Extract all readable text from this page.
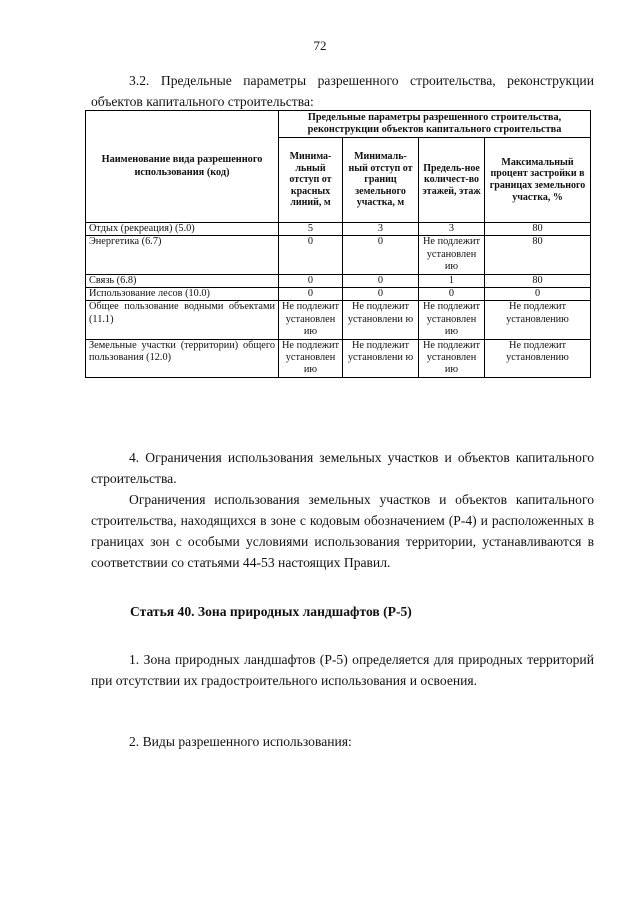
72
3.2. Предельные параметры разрешенного строительства, реконструкции объектов капитального строительства:
Наименование вида разрешенного использования (код)	Предельные параметры разрешенного строительства, реконструкции объектов капитального строительства			
	Минима-льный отступ от красных линий, м	Минималь-ный отступ от границ земельного участка, м	Предель-ное количест-во этажей, этаж	Максимальный процент застройки в границах земельного участка, %
Отдых (рекреация) (5.0)	5	3	3	80
Энергетика (6.7)	0	0	Не подлежит установлен ию	80
Связь (6.8)	0	0	1	80
Использование лесов (10.0)	0	0	0	0
Общее пользование водными объектами (11.1)	Не подлежит установлен ию	Не подлежит установлени ю	Не подлежит установлен ию	Не подлежит установлению
Земельные участки (территории) общего пользования (12.0)	Не подлежит установлен ию	Не подлежит установлени ю	Не подлежит установлен ию	Не подлежит установлению
4. Ограничения использования земельных участков и объектов капитального строительства.
Ограничения использования земельных участков и объектов капитального строительства, находящихся в зоне с кодовым обозначением (Р-4) и расположенных в границах зон с особыми условиями использования территории, устанавливаются в соответствии со статьями 44-53 настоящих Правил.
Статья 40. Зона природных ландшафтов (Р-5)
1. Зона природных ландшафтов (Р-5) определяется для природных территорий при отсутствии их градостроительного использования и освоения.
2. Виды разрешенного использования:
